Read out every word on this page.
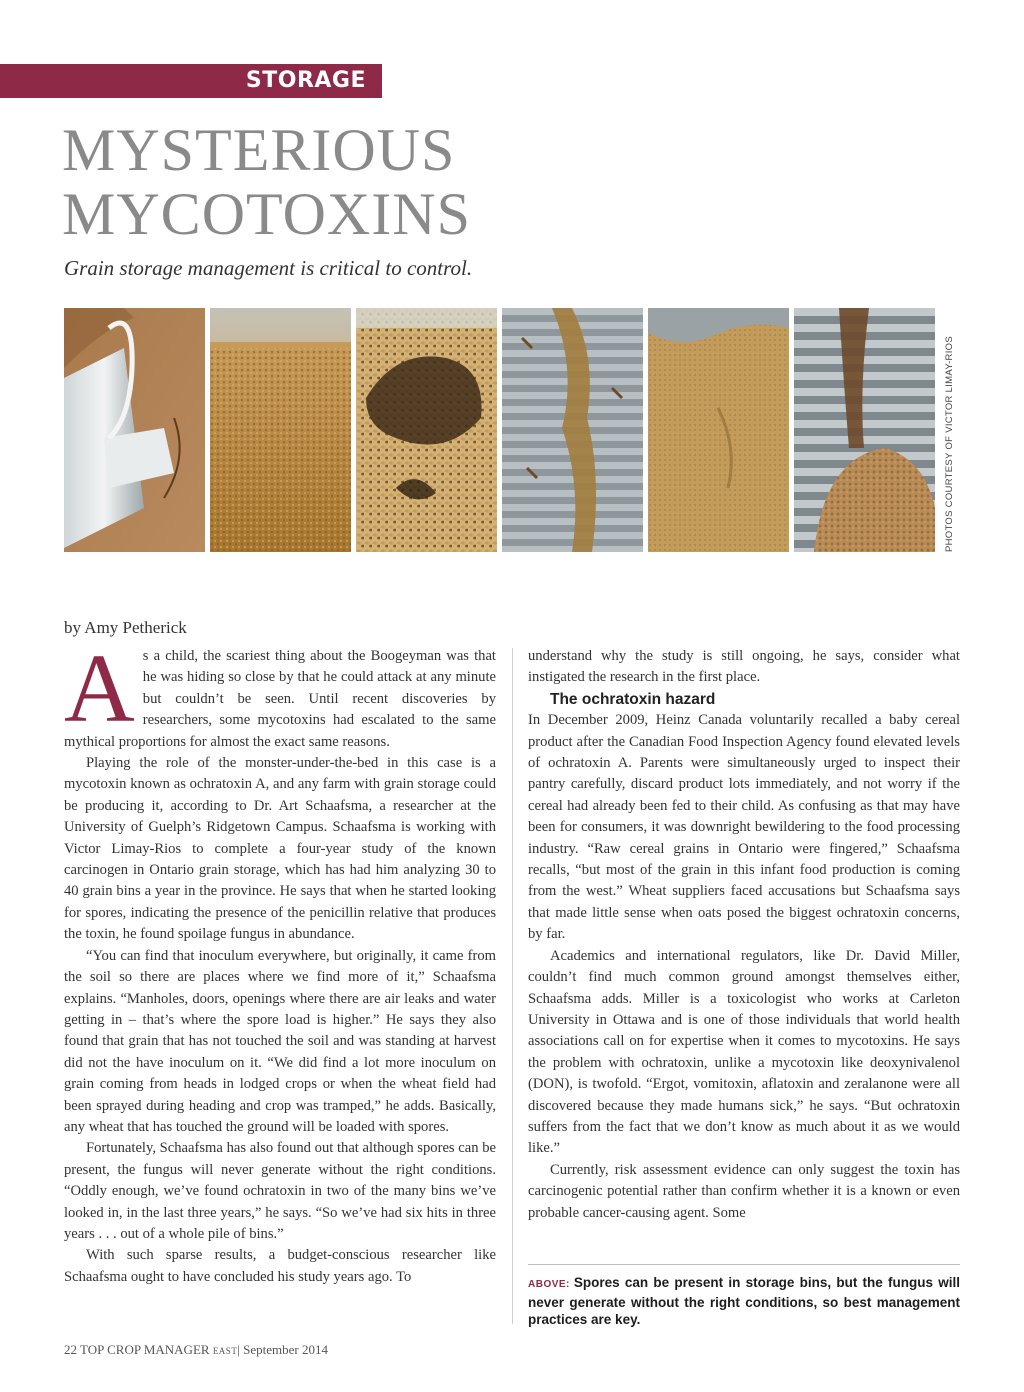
STORAGE
MYSTERIOUS
MYCOTOXINS
Grain storage management is critical to control.
PHOTOS COURTESY OF VICTOR LIMAY-RIOS
by Amy Petherick

As a child, the scariest thing about the Boogeyman was that he was hiding so close by that he could attack at any minute but couldn’t be seen. Until recent discoveries by researchers, some mycotoxins had escalated to the same mythical proportions for almost the exact same reasons.

Playing the role of the monster-under-the-bed in this case is a mycotoxin known as ochratoxin A, and any farm with grain storage could be producing it, according to Dr. Art Schaafsma, a researcher at the University of Guelph’s Ridgetown Campus. Schaafsma is working with Victor Limay-Rios to complete a four-year study of the known carcinogen in Ontario grain storage, which has had him analyzing 30 to 40 grain bins a year in the province. He says that when he started looking for spores, indicating the presence of the penicillin relative that produces the toxin, he found spoilage fungus in abundance.

“You can find that inoculum everywhere, but originally, it came from the soil so there are places where we find more of it,” Schaafsma explains. “Manholes, doors, openings where there are air leaks and water getting in – that’s where the spore load is higher.” He says they also found that grain that has not touched the soil and was standing at harvest did not the have inoculum on it. “We did find a lot more inoculum on grain coming from heads in lodged crops or when the wheat field had been sprayed during heading and crop was tramped,” he adds. Basically, any wheat that has touched the ground will be loaded with spores.

Fortunately, Schaafsma has also found out that although spores can be present, the fungus will never generate without the right conditions. “Oddly enough, we’ve found ochratoxin in two of the many bins we’ve looked in, in the last three years,” he says. “So we’ve had six hits in three years . . . out of a whole pile of bins.”

With such sparse results, a budget-conscious researcher like Schaafsma ought to have concluded his study years ago. To

understand why the study is still ongoing, he says, consider what instigated the research in the first place.

The ochratoxin hazard

In December 2009, Heinz Canada voluntarily recalled a baby cereal product after the Canadian Food Inspection Agency found elevated levels of ochratoxin A. Parents were simultaneously urged to inspect their pantry carefully, discard product lots immediately, and not worry if the cereal had already been fed to their child. As confusing as that may have been for consumers, it was downright bewildering to the food processing industry. “Raw cereal grains in Ontario were fingered,” Schaafsma recalls, “but most of the grain in this infant food production is coming from the west.” Wheat suppliers faced accusations but Schaafsma says that made little sense when oats posed the biggest ochratoxin concerns, by far.

Academics and international regulators, like Dr. David Miller, couldn’t find much common ground amongst themselves either, Schaafsma adds. Miller is a toxicologist who works at Carleton University in Ottawa and is one of those individuals that world health associations call on for expertise when it comes to mycotoxins. He says the problem with ochratoxin, unlike a mycotoxin like deoxynivalenol (DON), is twofold. “Ergot, vomitoxin, aflatoxin and zeralanone were all discovered because they made humans sick,” he says. “But ochratoxin suffers from the fact that we don’t know as much about it as we would like.”

Currently, risk assessment evidence can only suggest the toxin has carcinogenic potential rather than confirm whether it is a known or even probable cancer-causing agent. Some

ABOVE: Spores can be present in storage bins, but the fungus will never generate without the right conditions, so best management practices are key.
22 TOP CROP MANAGER EAST| September 2014
